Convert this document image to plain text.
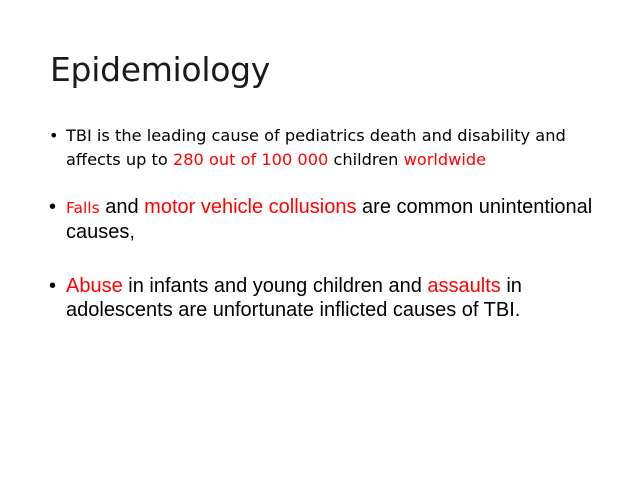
Epidemiology
• TBI is the leading cause of pediatrics death and disability and affects up to 280 out of 100 000 children worldwide
• Falls and motor vehicle collusions are common unintentional causes,
• Abuse in infants and young children and assaults in adolescents are unfortunate inflicted causes of TBI.
